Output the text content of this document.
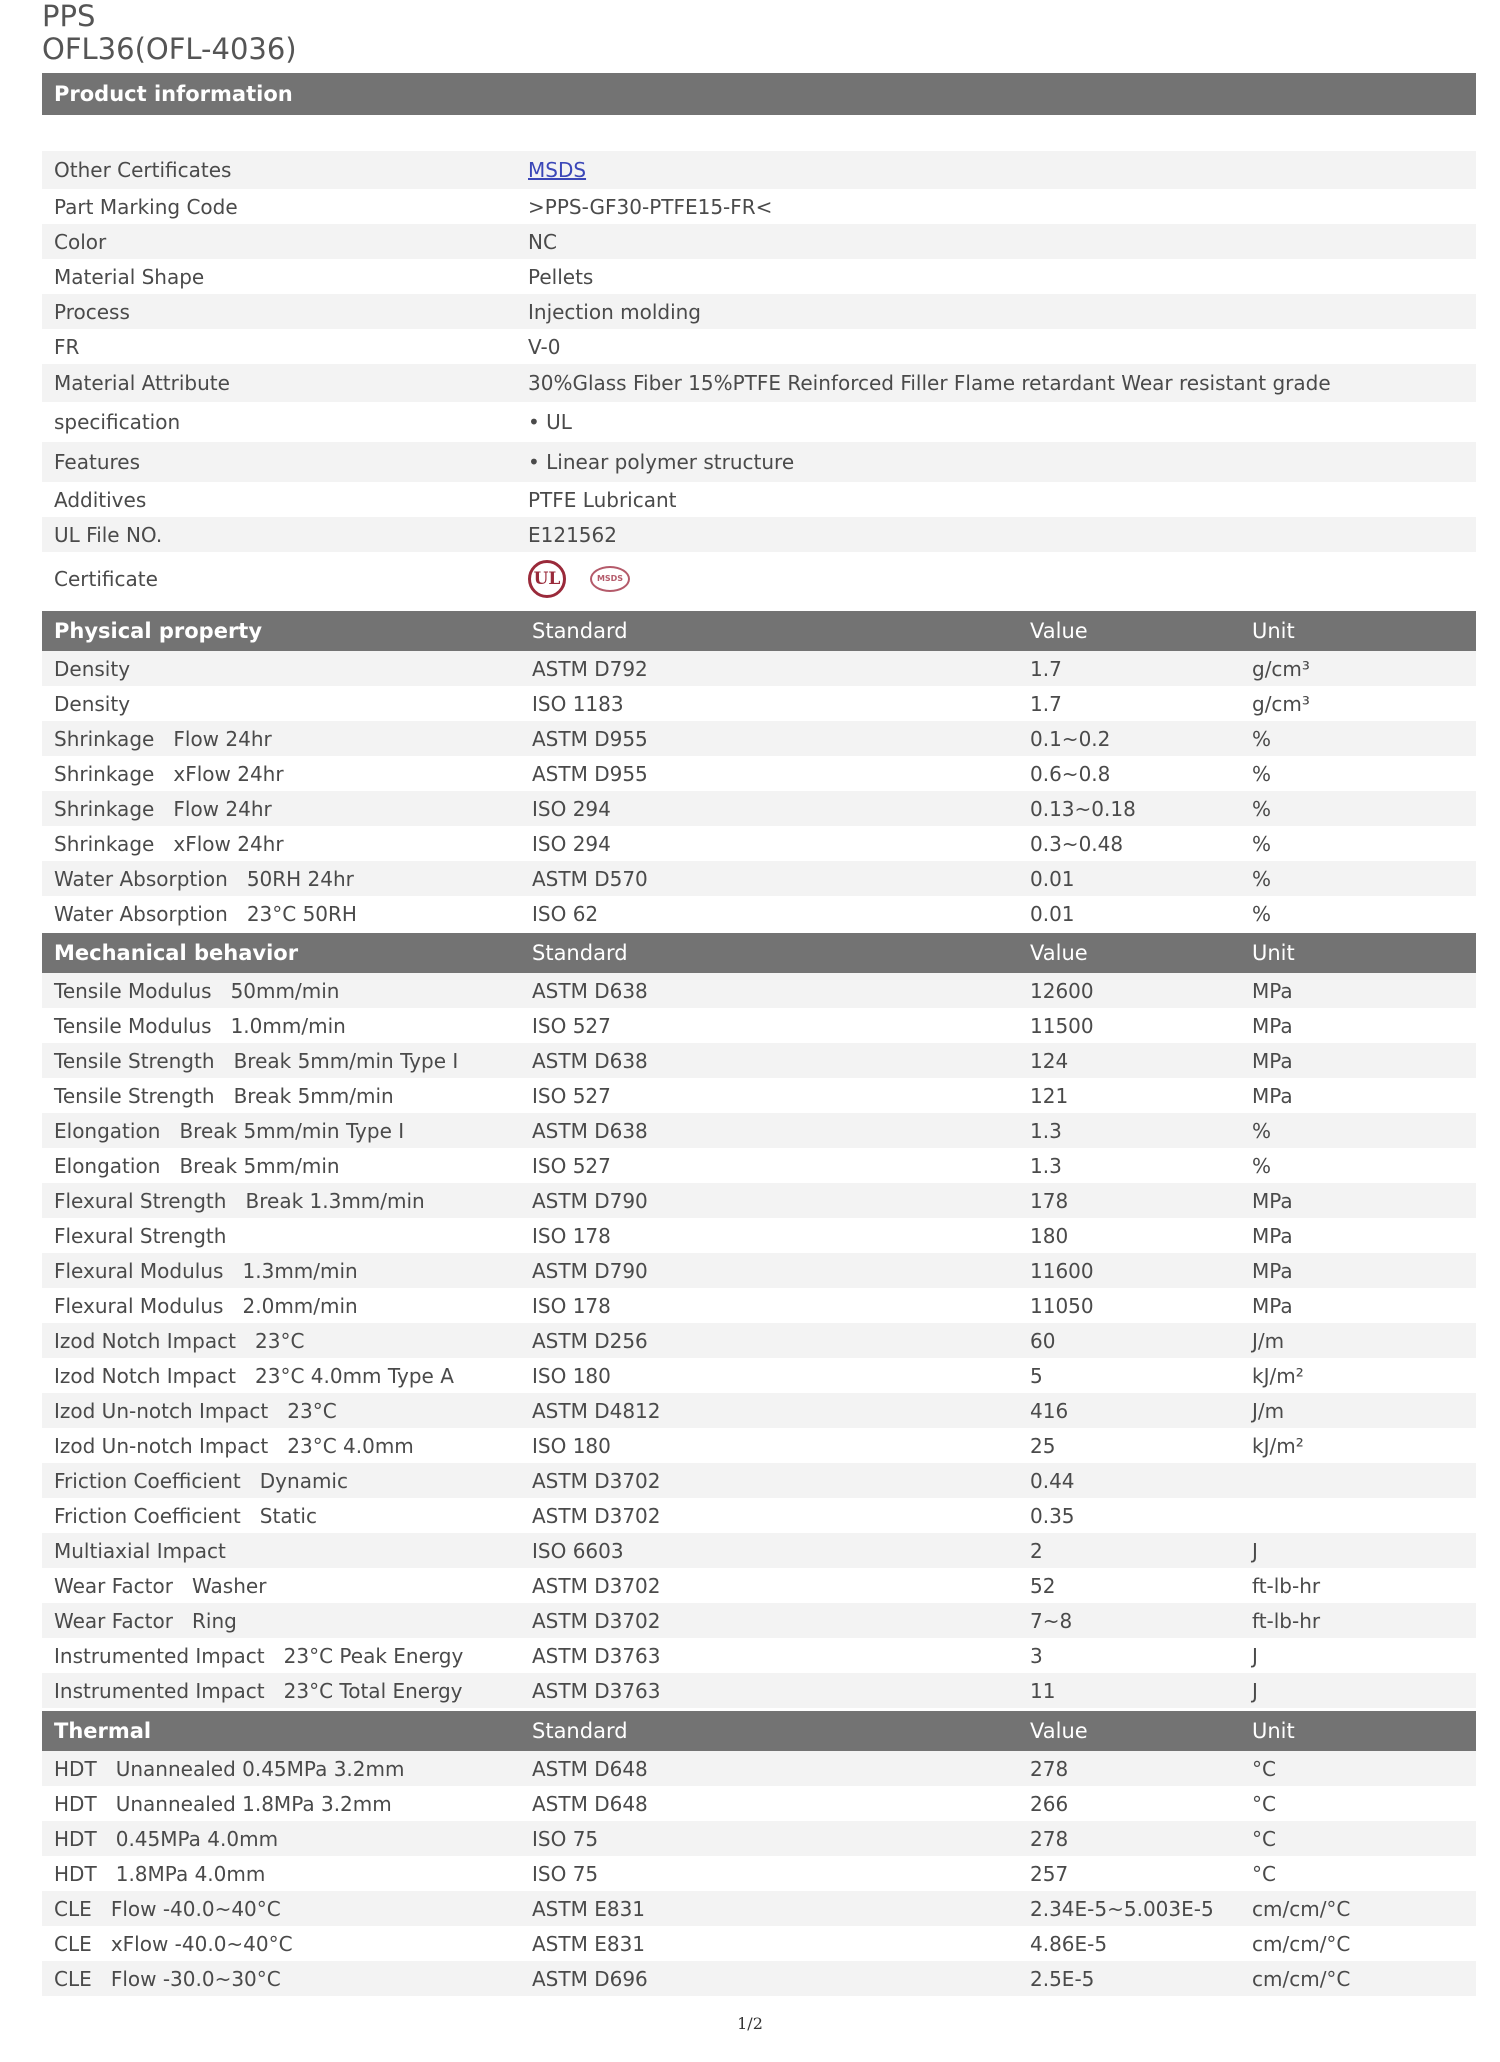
PPS
OFL36(OFL-4036)
Product information
Other Certificates	MSDS
Part Marking Code	>PPS-GF30-PTFE15-FR<
Color	NC
Material Shape	Pellets
Process	Injection molding
FR	V-0
Material Attribute	30%Glass Fiber 15%PTFE Reinforced Filler Flame retardant Wear resistant grade
specification	• UL
Features	• Linear polymer structure
Additives	PTFE Lubricant
UL File NO.	E121562
Certificate	UL	MSDS
Physical property	Standard	Value	Unit
Density	ASTM D792	1.7	g/cm³
Density	ISO 1183	1.7	g/cm³
Shrinkage   Flow 24hr	ASTM D955	0.1~0.2	%
Shrinkage   xFlow 24hr	ASTM D955	0.6~0.8	%
Shrinkage   Flow 24hr	ISO 294	0.13~0.18	%
Shrinkage   xFlow 24hr	ISO 294	0.3~0.48	%
Water Absorption   50RH 24hr	ASTM D570	0.01	%
Water Absorption   23°C 50RH	ISO 62	0.01	%
Mechanical behavior	Standard	Value	Unit
Tensile Modulus   50mm/min	ASTM D638	12600	MPa
Tensile Modulus   1.0mm/min	ISO 527	11500	MPa
Tensile Strength   Break 5mm/min Type I	ASTM D638	124	MPa
Tensile Strength   Break 5mm/min	ISO 527	121	MPa
Elongation   Break 5mm/min Type I	ASTM D638	1.3	%
Elongation   Break 5mm/min	ISO 527	1.3	%
Flexural Strength   Break 1.3mm/min	ASTM D790	178	MPa
Flexural Strength	ISO 178	180	MPa
Flexural Modulus   1.3mm/min	ASTM D790	11600	MPa
Flexural Modulus   2.0mm/min	ISO 178	11050	MPa
Izod Notch Impact   23°C	ASTM D256	60	J/m
Izod Notch Impact   23°C 4.0mm Type A	ISO 180	5	kJ/m²
Izod Un-notch Impact   23°C	ASTM D4812	416	J/m
Izod Un-notch Impact   23°C 4.0mm	ISO 180	25	kJ/m²
Friction Coefficient   Dynamic	ASTM D3702	0.44
Friction Coefficient   Static	ASTM D3702	0.35
Multiaxial Impact	ISO 6603	2	J
Wear Factor   Washer	ASTM D3702	52	ft-lb-hr
Wear Factor   Ring	ASTM D3702	7~8	ft-lb-hr
Instrumented Impact   23°C Peak Energy	ASTM D3763	3	J
Instrumented Impact   23°C Total Energy	ASTM D3763	11	J
Thermal	Standard	Value	Unit
HDT   Unannealed 0.45MPa 3.2mm	ASTM D648	278	°C
HDT   Unannealed 1.8MPa 3.2mm	ASTM D648	266	°C
HDT   0.45MPa 4.0mm	ISO 75	278	°C
HDT   1.8MPa 4.0mm	ISO 75	257	°C
CLE   Flow -40.0~40°C	ASTM E831	2.34E-5~5.003E-5	cm/cm/°C
CLE   xFlow -40.0~40°C	ASTM E831	4.86E-5	cm/cm/°C
CLE   Flow -30.0~30°C	ASTM D696	2.5E-5	cm/cm/°C
1/2
